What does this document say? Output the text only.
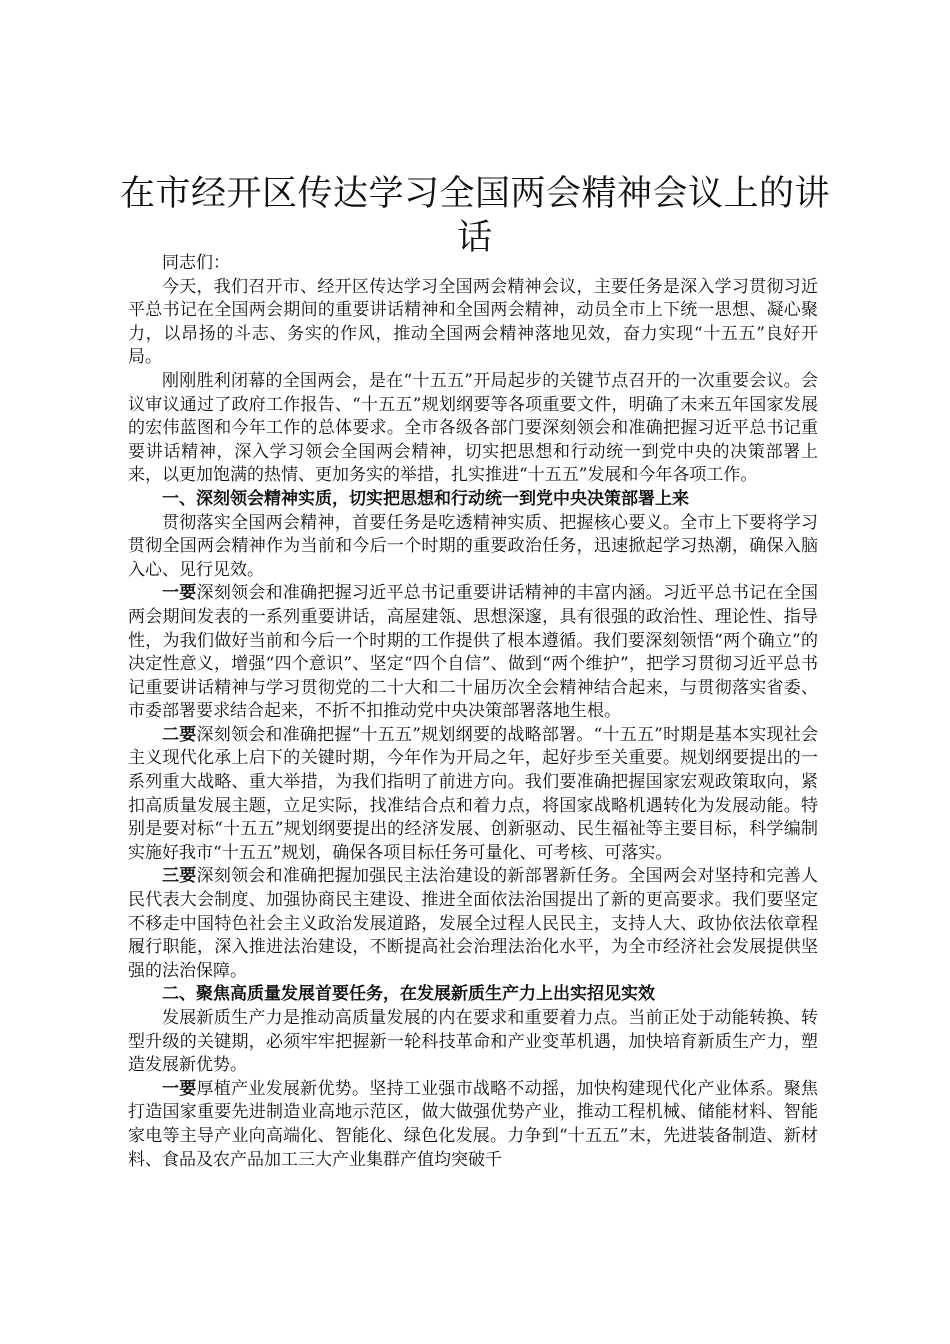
在市经开区传达学习全国两会精神会议上的讲话

同志们：

今天，我们召开市、经开区传达学习全国两会精神会议，主要任务是深入学习贯彻习近平总书记在全国两会期间的重要讲话精神和全国两会精神，动员全市上下统一思想、凝心聚力，以昂扬的斗志、务实的作风，推动全国两会精神落地见效，奋力实现“十五五”良好开局。

刚刚胜利闭幕的全国两会，是在“十五五”开局起步的关键节点召开的一次重要会议。会议审议通过了政府工作报告、“十五五”规划纲要等各项重要文件，明确了未来五年国家发展的宏伟蓝图和今年工作的总体要求。全市各级各部门要深刻领会和准确把握习近平总书记重要讲话精神，深入学习领会全国两会精神，切实把思想和行动统一到党中央的决策部署上来，以更加饱满的热情、更加务实的举措，扎实推进“十五五”发展和今年各项工作。

一、深刻领会精神实质，切实把思想和行动统一到党中央决策部署上来

贯彻落实全国两会精神，首要任务是吃透精神实质、把握核心要义。全市上下要将学习贯彻全国两会精神作为当前和今后一个时期的重要政治任务，迅速掀起学习热潮，确保入脑入心、见行见效。

一要深刻领会和准确把握习近平总书记重要讲话精神的丰富内涵。习近平总书记在全国两会期间发表的一系列重要讲话，高屋建瓴、思想深邃，具有很强的政治性、理论性、指导性，为我们做好当前和今后一个时期的工作提供了根本遵循。我们要深刻领悟“两个确立”的决定性意义，增强“四个意识”、坚定“四个自信”、做到“两个维护”，把学习贯彻习近平总书记重要讲话精神与学习贯彻党的二十大和二十届历次全会精神结合起来，与贯彻落实省委、市委部署要求结合起来，不折不扣推动党中央决策部署落地生根。

二要深刻领会和准确把握“十五五”规划纲要的战略部署。“十五五”时期是基本实现社会主义现代化承上启下的关键时期，今年作为开局之年，起好步至关重要。规划纲要提出的一系列重大战略、重大举措，为我们指明了前进方向。我们要准确把握国家宏观政策取向，紧扣高质量发展主题，立足实际，找准结合点和着力点，将国家战略机遇转化为发展动能。特别是要对标“十五五”规划纲要提出的经济发展、创新驱动、民生福祉等主要目标，科学编制实施好我市“十五五”规划，确保各项目标任务可量化、可考核、可落实。

三要深刻领会和准确把握加强民主法治建设的新部署新任务。全国两会对坚持和完善人民代表大会制度、加强协商民主建设、推进全面依法治国提出了新的更高要求。我们要坚定不移走中国特色社会主义政治发展道路，发展全过程人民民主，支持人大、政协依法依章程履行职能，深入推进法治建设，不断提高社会治理法治化水平，为全市经济社会发展提供坚强的法治保障。

二、聚焦高质量发展首要任务，在发展新质生产力上出实招见实效

发展新质生产力是推动高质量发展的内在要求和重要着力点。当前正处于动能转换、转型升级的关键期，必须牢牢把握新一轮科技革命和产业变革机遇，加快培育新质生产力，塑造发展新优势。

一要厚植产业发展新优势。坚持工业强市战略不动摇，加快构建现代化产业体系。聚焦打造国家重要先进制造业高地示范区，做大做强优势产业，推动工程机械、储能材料、智能家电等主导产业向高端化、智能化、绿色化发展。力争到“十五五”末，先进装备制造、新材料、食品及农产品加工三大产业集群产值均突破千
